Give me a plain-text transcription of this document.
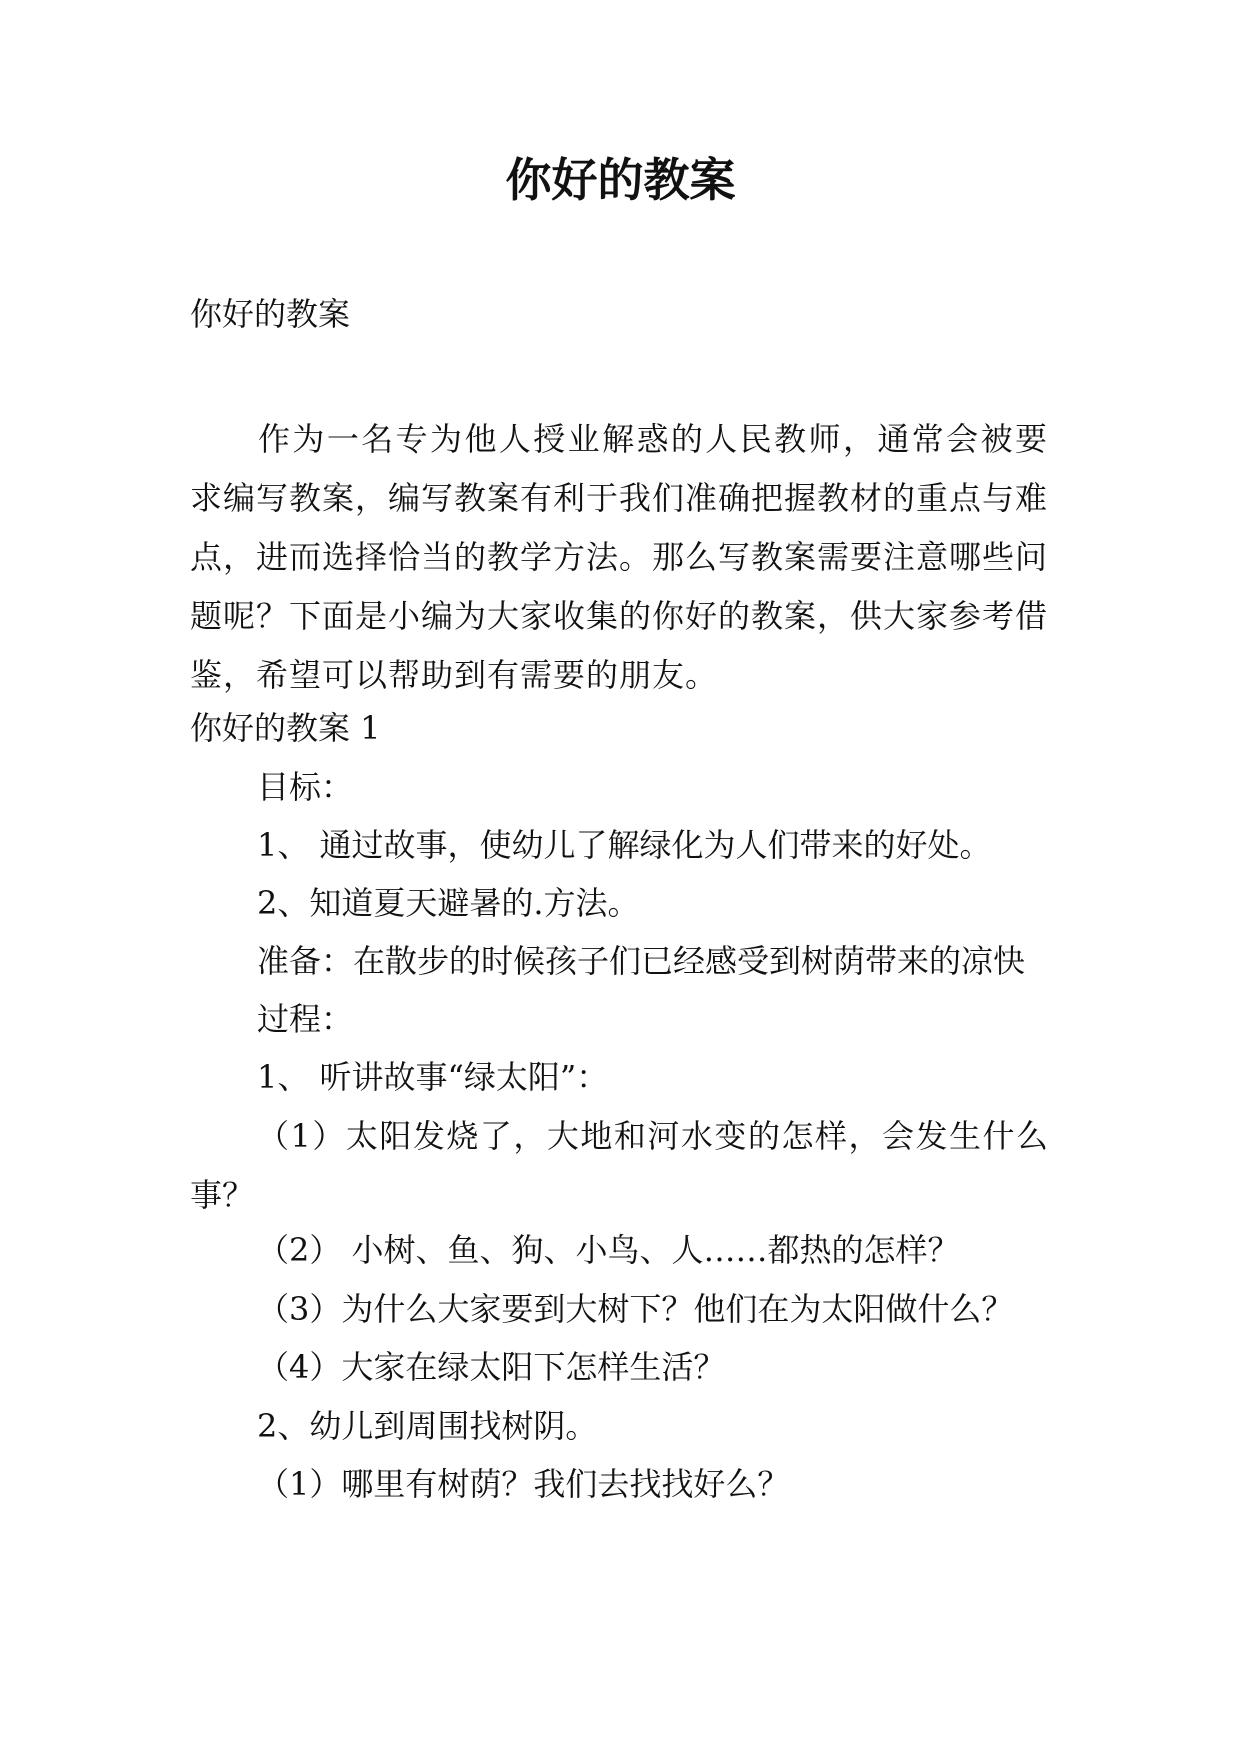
你好的教案
你好的教案
作为一名专为他人授业解惑的人民教师，通常会被要求编写教案，编写教案有利于我们准确把握教材的重点与难点，进而选择恰当的教学方法。那么写教案需要注意哪些问题呢？下面是小编为大家收集的你好的教案，供大家参考借鉴，希望可以帮助到有需要的朋友。
你好的教案 1
目标：
1、 通过故事，使幼儿了解绿化为人们带来的好处。
2、知道夏天避暑的.方法。
准备：在散步的时候孩子们已经感受到树荫带来的凉快
过程：
1、 听讲故事“绿太阳”：
（1）太阳发烧了，大地和河水变的怎样，会发生什么事？
（2） 小树、鱼、狗、小鸟、人……都热的怎样？
（3）为什么大家要到大树下？他们在为太阳做什么？
（4）大家在绿太阳下怎样生活？
2、幼儿到周围找树阴。
（1）哪里有树荫？我们去找找好么？
